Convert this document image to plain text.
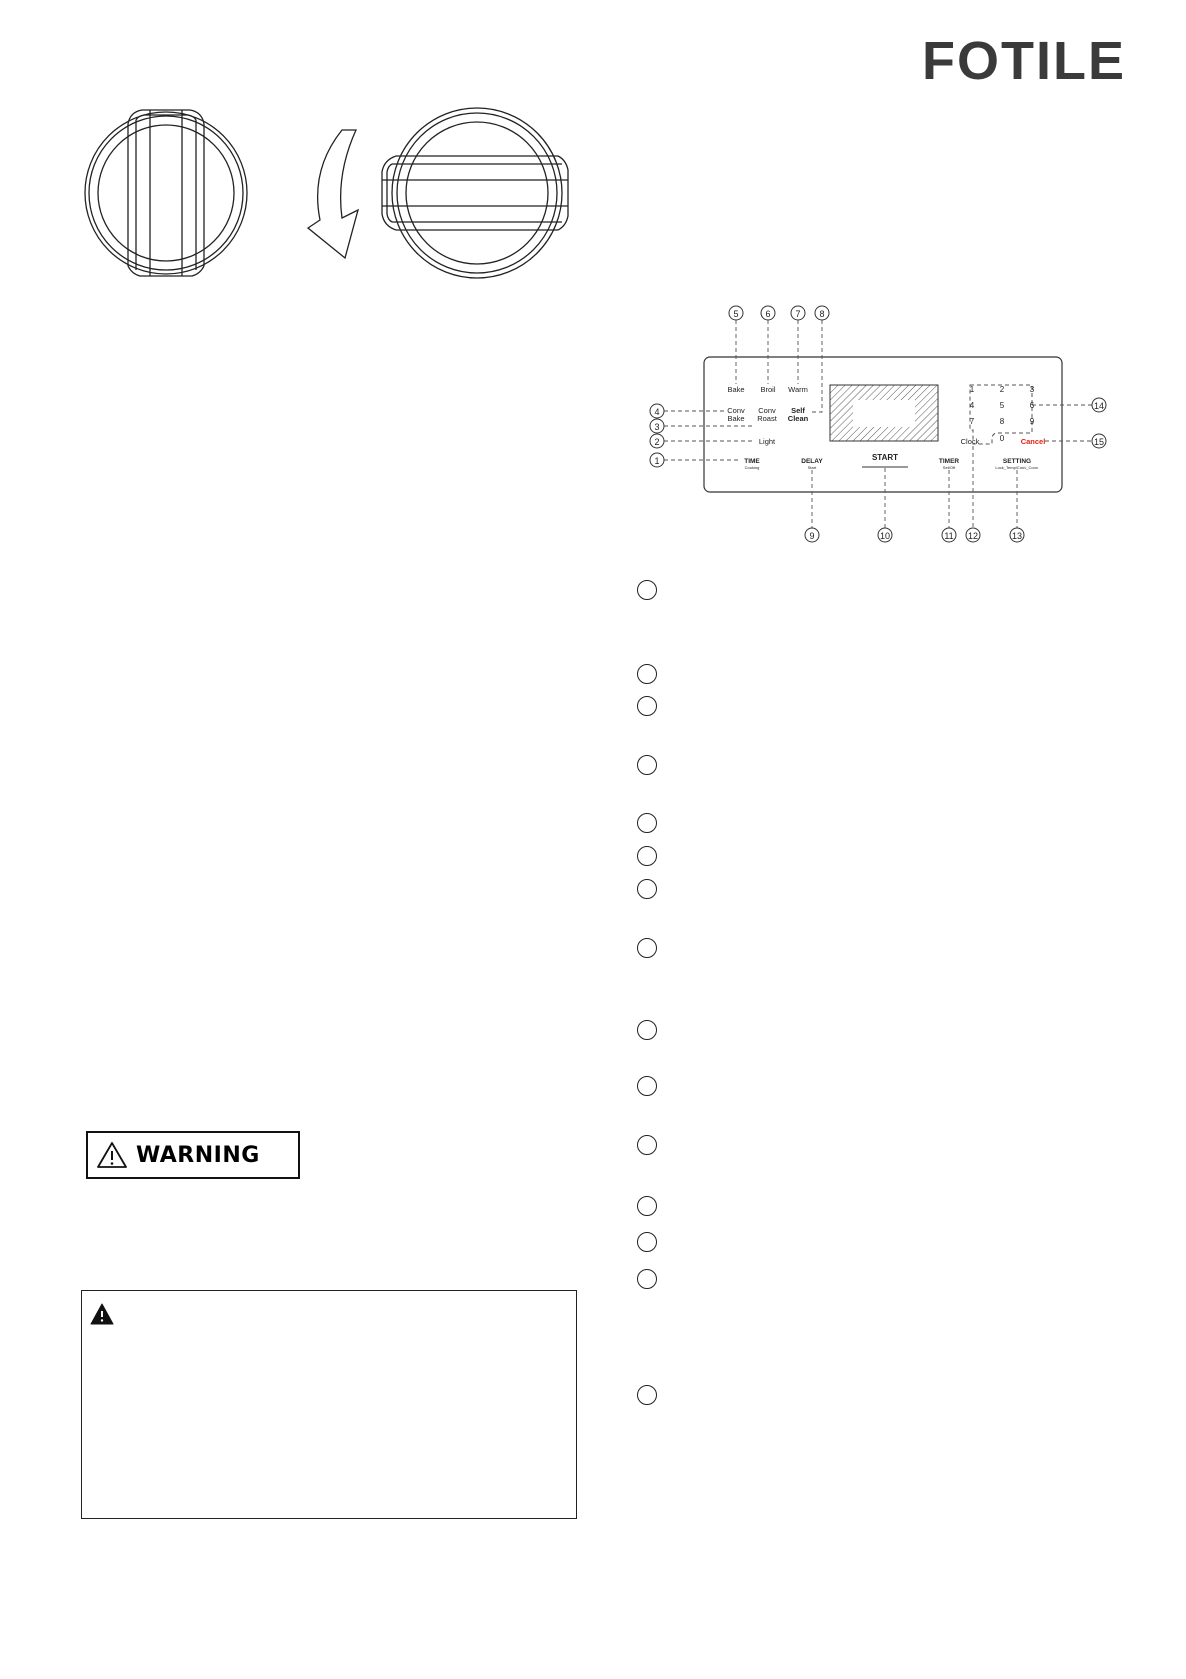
FOTILE
Bake Broil Warm
Conv
Bake
Conv
Roast
Self
Clean
Light
TIME
Cooking
DELAY
Start
START	TIMER
Set/Off
SETTING
Lock_Temp/Conv_Conv.
Clock	Cancel
1	2	3
4	5	6
7	8	9
0
1
2
3
4
5	6	7 8
9	10	11 12	13
14
15
WARNING
